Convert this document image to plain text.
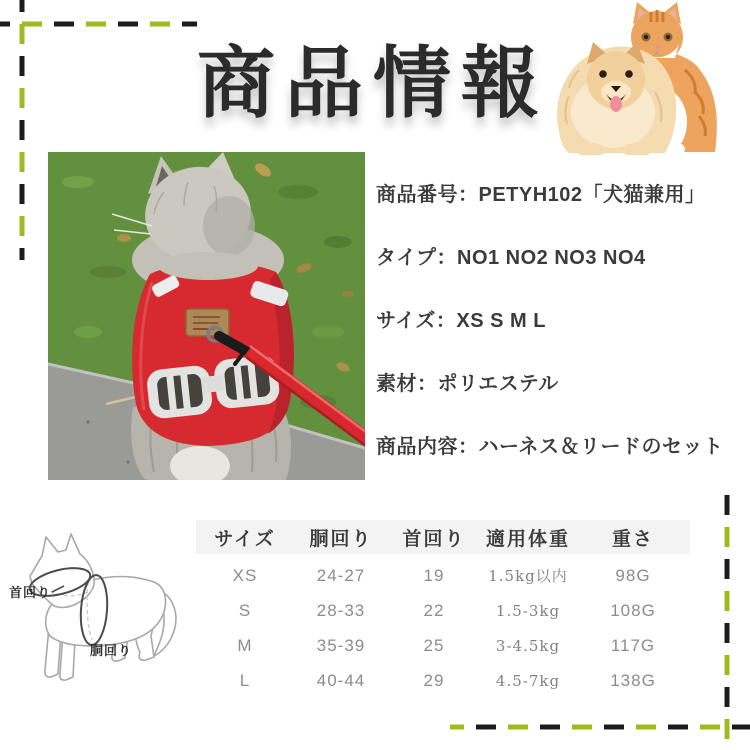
商品情報
商品番号：PETYH102「犬猫兼用」
タイプ：NO1 NO2 NO3 NO4
サイズ：XS S M L
素材：ポリエステル
商品内容：ハーネス＆リードのセット
首回り
胴回り
サイズ	胴回り	首回り	適用体重	重さ
XS	24-27	19	1.5kg以内	98G
S	28-33	22	1.5-3kg	108G
M	35-39	25	3-4.5kg	117G
L	40-44	29	4.5-7kg	138G
